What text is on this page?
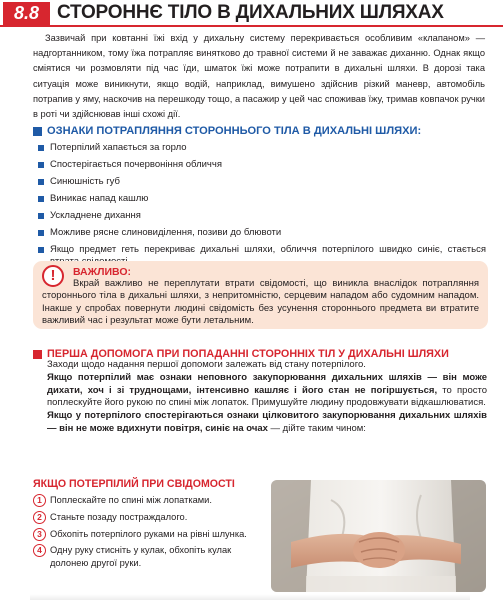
8.8 СТОРОННЄ ТІЛО В ДИХАЛЬНИХ ШЛЯХАХ

Зазвичай при ковтанні їжі вхід у дихальну систему перекривається особливим «клапаном» — надгортанником, тому їжа потрапляє винятково до травної системи й не заважає диханню. Однак якщо сміятися чи розмовляти під час їди, шматок їжі може потрапити в дихальні шляхи. В дорозі така ситуація може виникнути, якщо водій, наприклад, вимушено здійснив різкий маневр, автомобіль потрапив у яму, наскочив на перешкоду тощо, а пасажир у цей час споживав їжу, тримав ковпачок ручки в роті чи здійснював інші схожі дії.

ОЗНАКИ ПОТРАПЛЯННЯ СТОРОННЬОГО ТІЛА В ДИХАЛЬНІ ШЛЯХИ:
Потерпілий хапається за горло
Спостерігається почервоніння обличчя
Синюшність губ
Виникає напад кашлю
Ускладнене дихання
Можливе рясне слиновиділення, позиви до блювоти
Якщо предмет геть перекриває дихальні шляхи, обличчя потерпілого швидко синіє, стається
!	ВАЖЛИВО:

Вкрай важливо не переплутати втрати свідомості, що виникла внаслідок потрапляння стороннього тіла в дихальні шляхи, з непритомністю, серцевим нападом або судомним нападом. Інакше у спробах повернути людині свідомість без усунення стороннього предмета ви втратите важливий час і результат може бути летальним.

ПЕРША ДОПОМОГА ПРИ ПОПАДАННІ СТОРОННІХ ТІЛ У ДИХАЛЬНІ ШЛЯХИ

Заходи щодо надання першої допомоги залежать від стану потерпілого.

Якщо потерпілий має ознаки неповного закупорювання дихальних шляхів — він може дихати, хоч і зі труднощами, інтенсивно кашляє і його стан не погіршується, то просто поплескуйте його рукою по спині між лопаток. Примушуйте людину продовжувати відкашлюватися.

Якщо у потерпілого спостерігаються ознаки цілковитого закупорювання дихальних шляхів — він не може вдихнути повітря, синіє на очах — дійте таким чином:

ЯКЩО ПОТЕРПІЛИЙ ПРИ СВІДОМОСТІ
1 Поплескайте по спині між лопатками.
2 Станьте позаду постраждалого.
3 Обхопіть потерпілого руками на рівні шлунка.
4 Одну руку стисніть у кулак, обхопіть кулак долонею другої руки.
